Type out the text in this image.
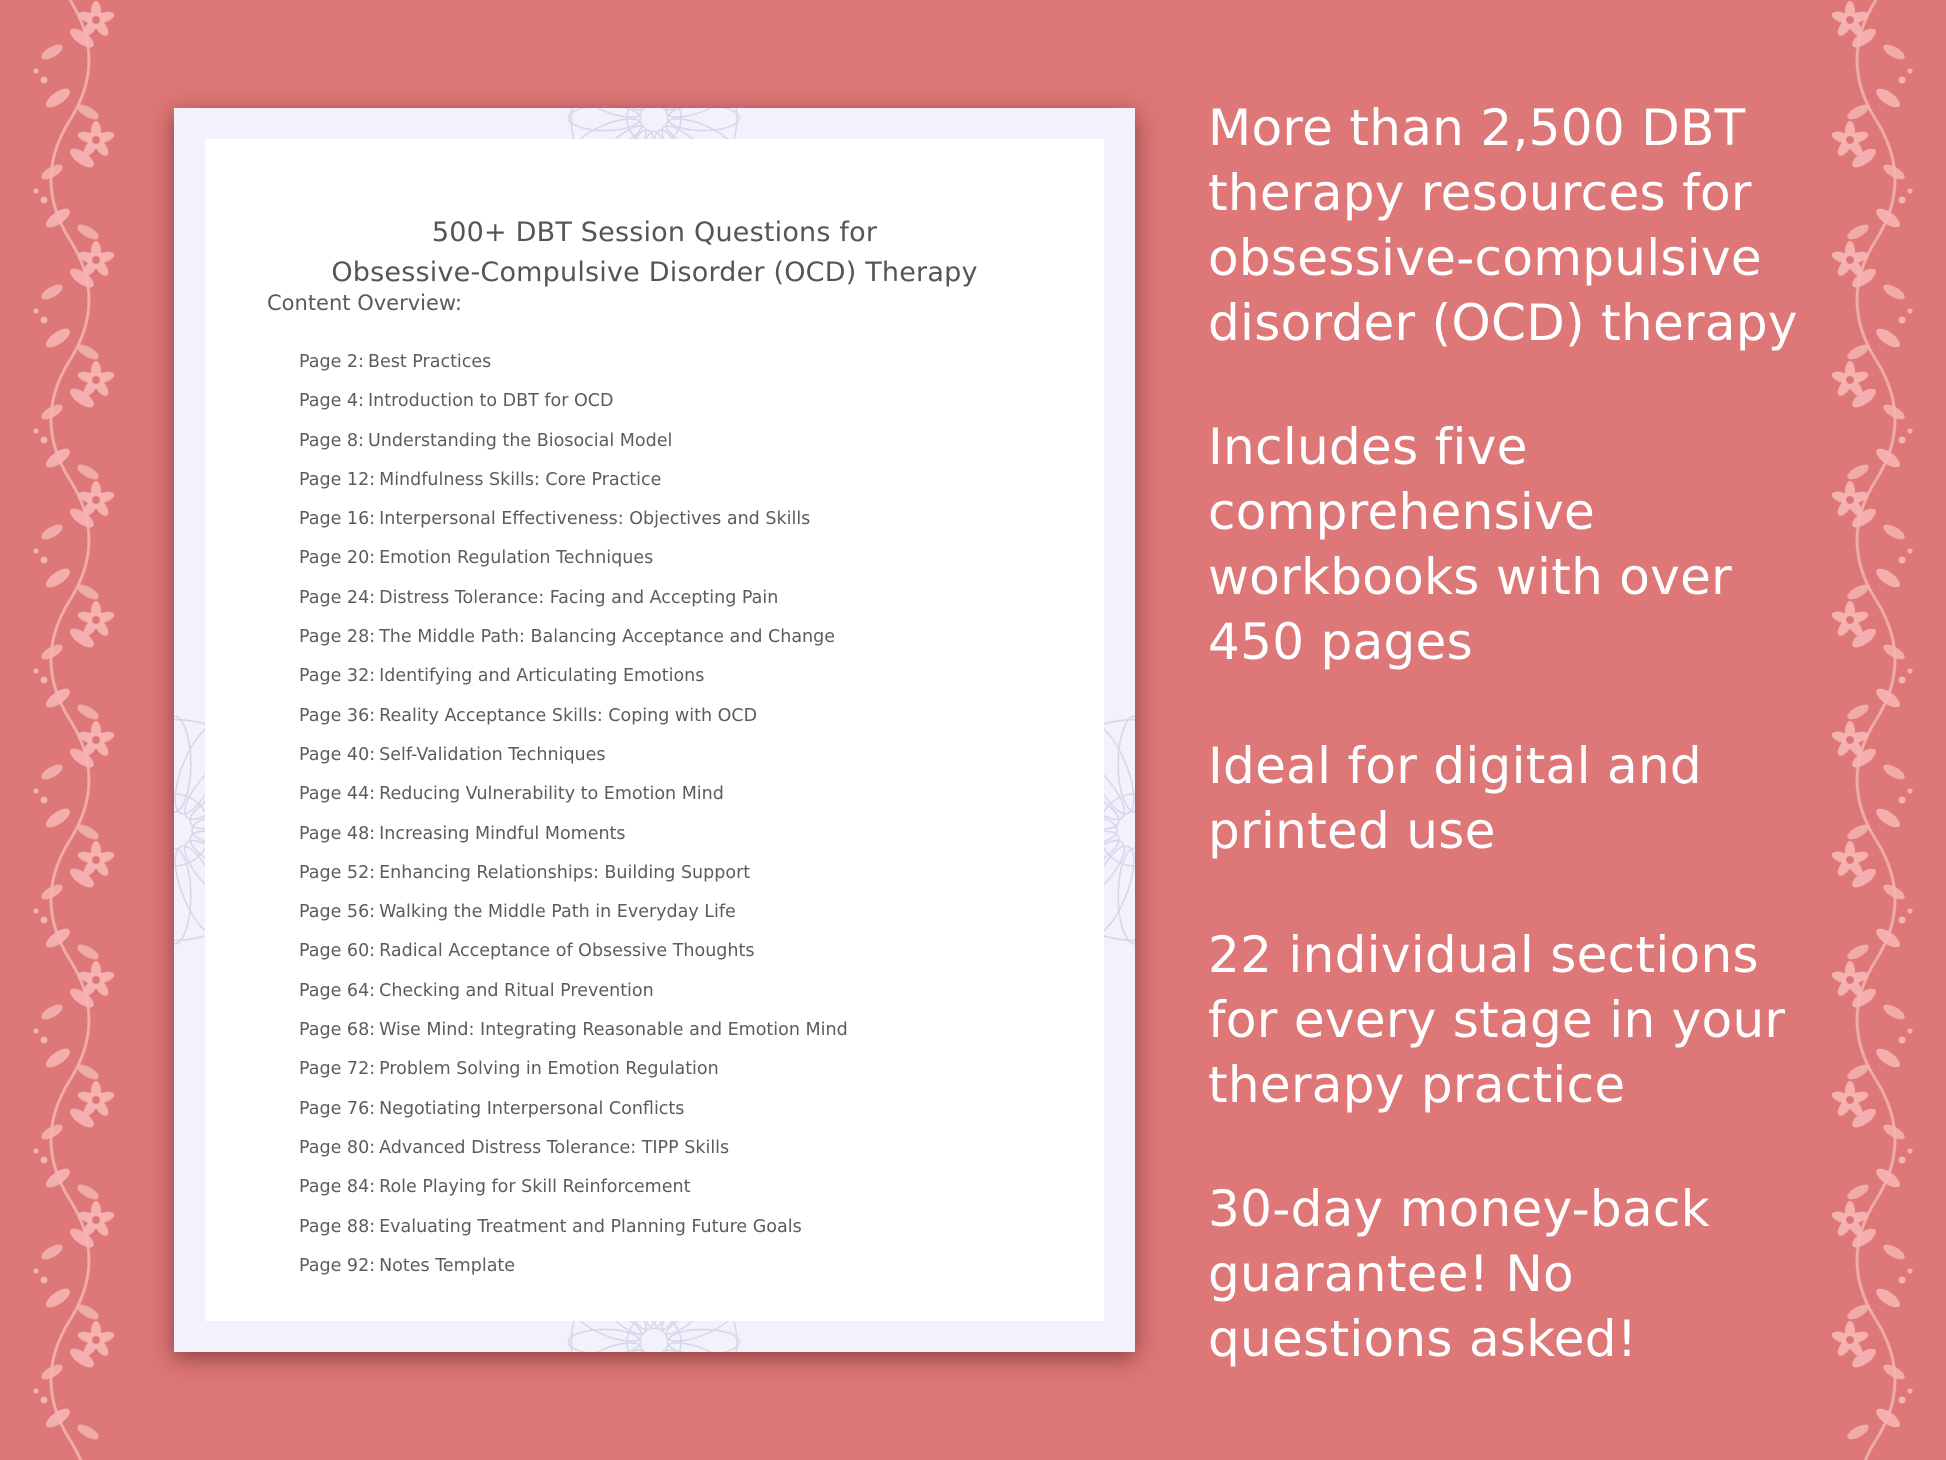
500+ DBT Session Questions for
Obsessive-Compulsive Disorder (OCD) Therapy
Content Overview:
Page 2: Best Practices
Page 4: Introduction to DBT for OCD
Page 8: Understanding the Biosocial Model
Page 12: Mindfulness Skills: Core Practice
Page 16: Interpersonal Effectiveness: Objectives and Skills
Page 20: Emotion Regulation Techniques
Page 24: Distress Tolerance: Facing and Accepting Pain
Page 28: The Middle Path: Balancing Acceptance and Change
Page 32: Identifying and Articulating Emotions
Page 36: Reality Acceptance Skills: Coping with OCD
Page 40: Self-Validation Techniques
Page 44: Reducing Vulnerability to Emotion Mind
Page 48: Increasing Mindful Moments
Page 52: Enhancing Relationships: Building Support
Page 56: Walking the Middle Path in Everyday Life
Page 60: Radical Acceptance of Obsessive Thoughts
Page 64: Checking and Ritual Prevention
Page 68: Wise Mind: Integrating Reasonable and Emotion Mind
Page 72: Problem Solving in Emotion Regulation
Page 76: Negotiating Interpersonal Conflicts
Page 80: Advanced Distress Tolerance: TIPP Skills
Page 84: Role Playing for Skill Reinforcement
Page 88: Evaluating Treatment and Planning Future Goals
Page 92: Notes Template
More than 2,500 DBT
therapy resources for
obsessive-compulsive
disorder (OCD) therapy
Includes five
comprehensive
workbooks with over
450 pages
Ideal for digital and
printed use
22 individual sections
for every stage in your
therapy practice
30-day money-back
guarantee! No
questions asked!
